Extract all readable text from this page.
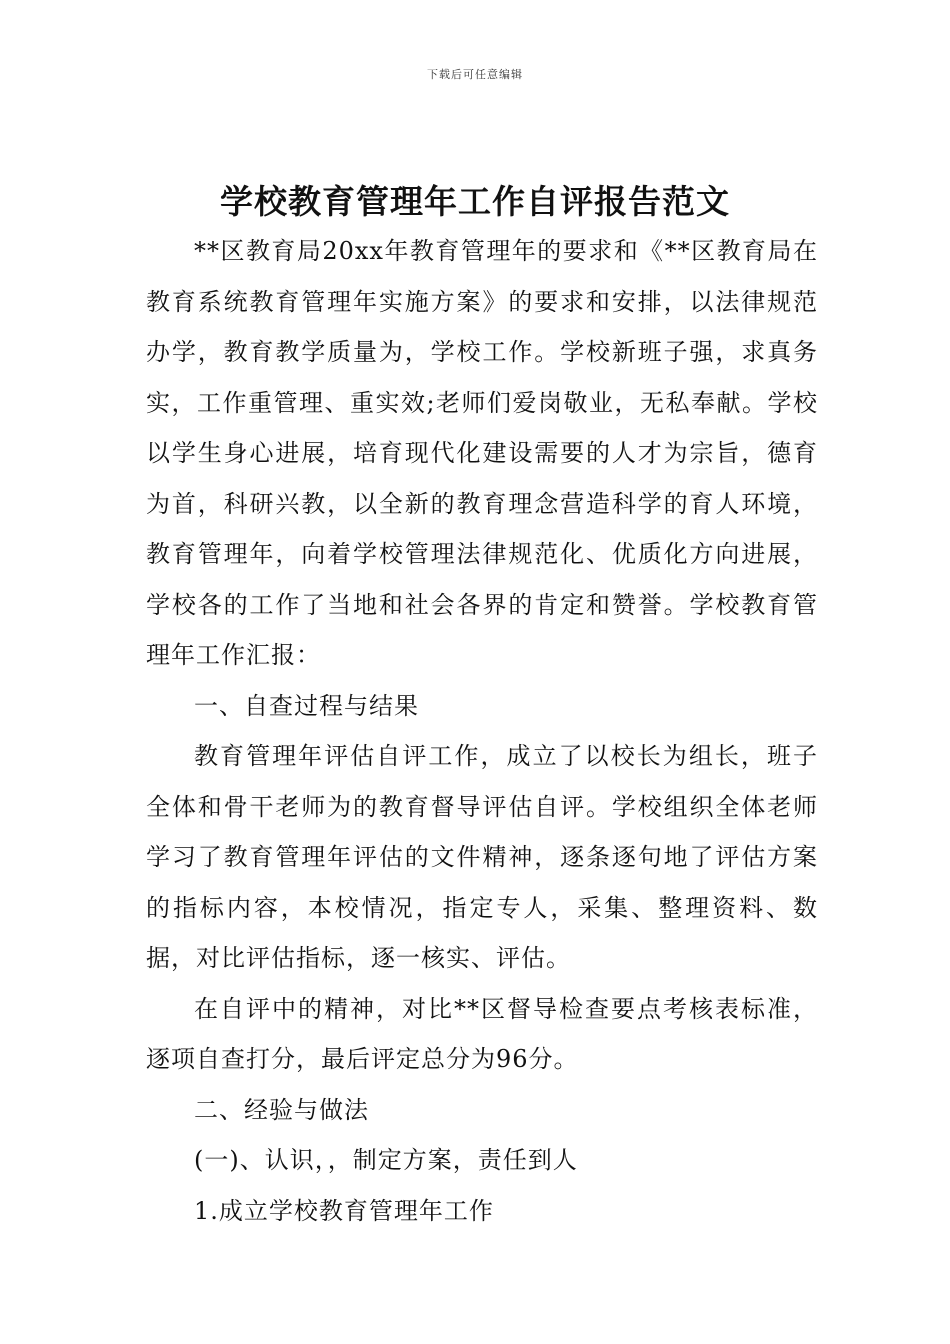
下载后可任意编辑
学校教育管理年工作自评报告范文

**区教育局20xx年教育管理年的要求和《**区教育局在教育系统教育管理年实施方案》的要求和安排，以法律规范办学，教育教学质量为，学校工作。学校新班子强，求真务实，工作重管理、重实效;老师们爱岗敬业，无私奉献。学校以学生身心进展，培育现代化建设需要的人才为宗旨，德育为首，科研兴教，以全新的教育理念营造科学的育人环境，教育管理年，向着学校管理法律规范化、优质化方向进展，学校各的工作了当地和社会各界的肯定和赞誉。学校教育管理年工作汇报：

一、自查过程与结果

教育管理年评估自评工作，成立了以校长为组长，班子全体和骨干老师为的教育督导评估自评。学校组织全体老师学习了教育管理年评估的文件精神，逐条逐句地了评估方案的指标内容，本校情况，指定专人，采集、整理资料、数据，对比评估指标，逐一核实、评估。

在自评中的精神，对比**区督导检查要点考核表标准，逐项自查打分，最后评定总分为96分。

二、经验与做法

(一)、认识，，制定方案，责任到人

1.成立学校教育管理年工作
